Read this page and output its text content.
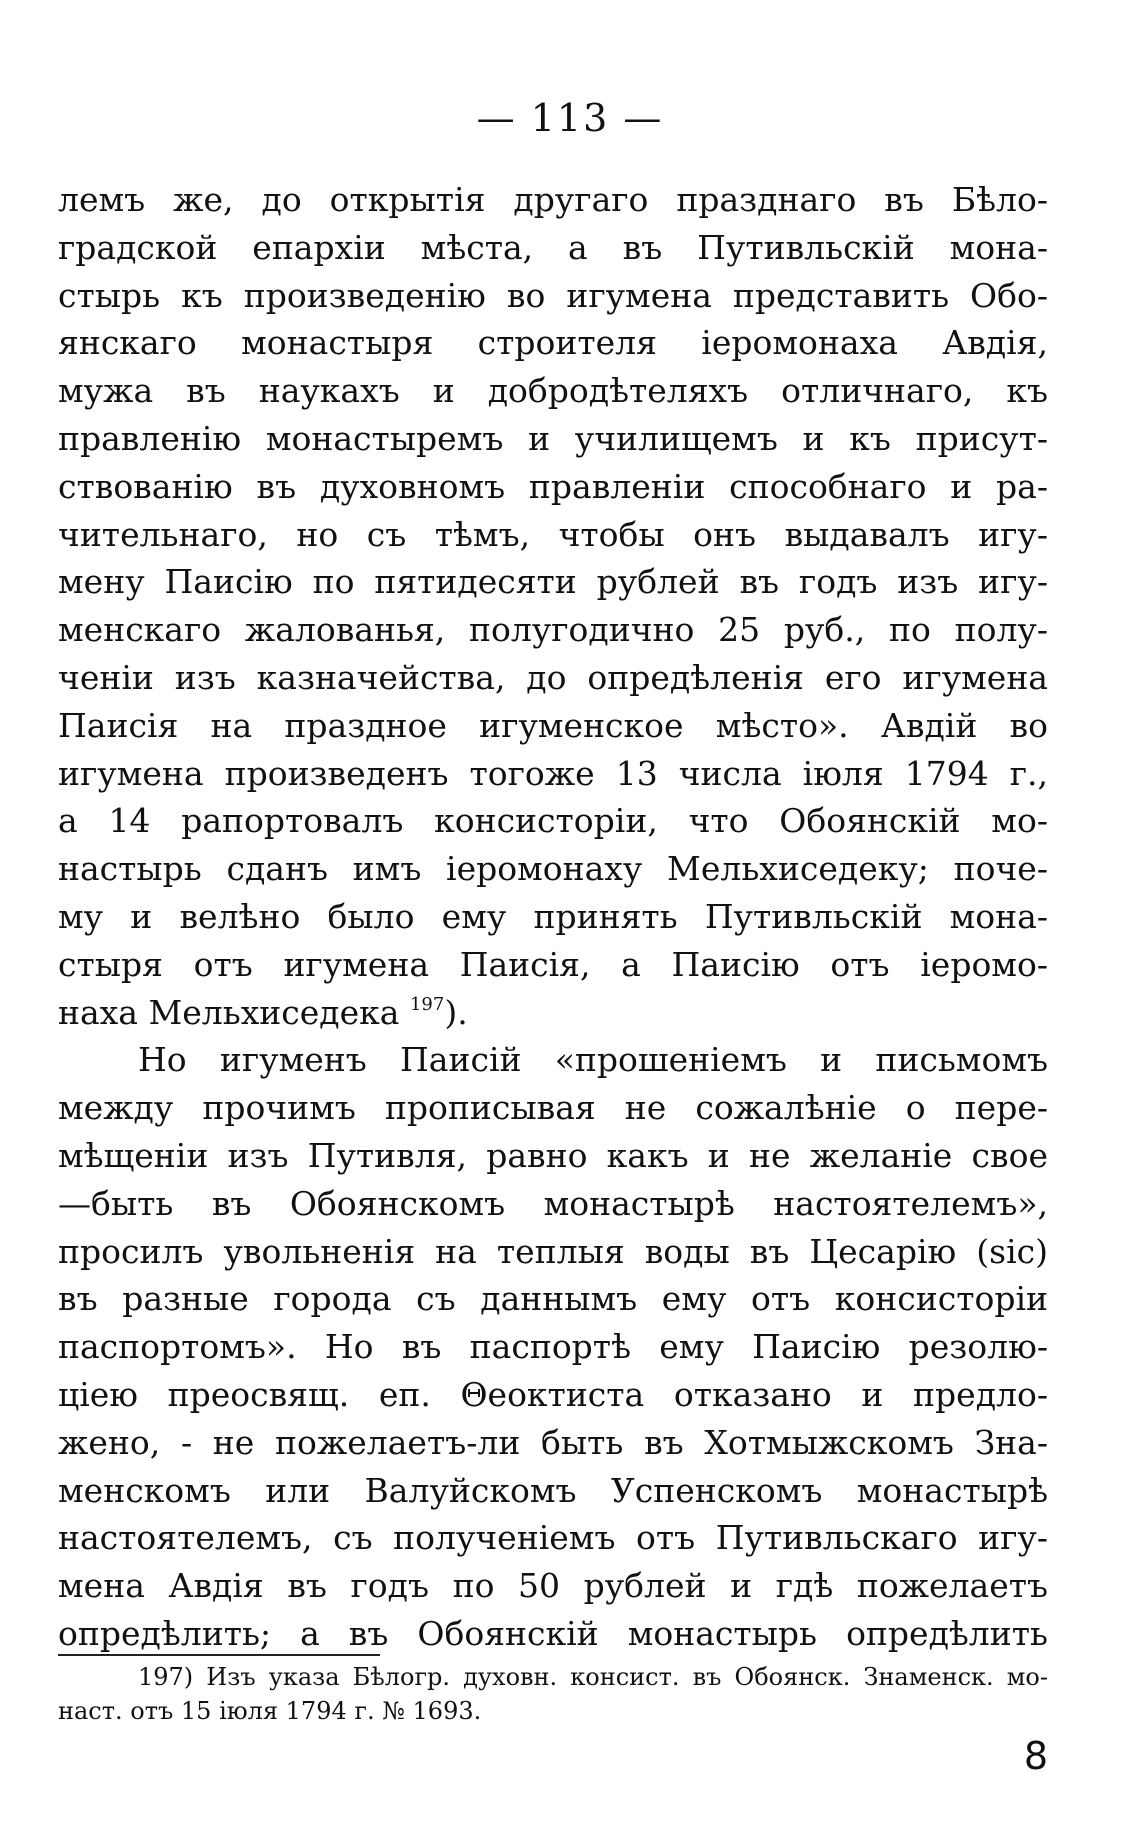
— 113 —
лемъ же, до открытія другаго празднаго въ Бѣло-
градской епархіи мѣста, а въ Путивльскій мона-
стырь къ произведенію во игумена представить Обо-
янскаго монастыря строителя іеромонаха Авдія,
мужа въ наукахъ и добродѣтеляхъ отличнаго, къ
правленію монастыремъ и училищемъ и къ присут-
ствованію въ духовномъ правленіи способнаго и ра-
чительнаго, но съ тѣмъ, чтобы онъ выдавалъ игу-
мену Паисію по пятидесяти рублей въ годъ изъ игу-
менскаго жалованья, полугодично 25 руб., по полу-
ченіи изъ казначейства, до опредѣленія его игумена
Паисія на праздное игуменское мѣсто». Авдій во
игумена произведенъ тогоже 13 числа іюля 1794 г.,
а 14 рапортовалъ консисторіи, что Обоянскій мо-
настырь сданъ имъ іеромонаху Мельхиседеку; поче-
му и велѣно было ему принять Путивльскій мона-
стыря отъ игумена Паисія, а Паисію отъ іеромо-
наха Мельхиседека $^{197}$).
Но игуменъ Паисій «прошеніемъ и письмомъ
между прочимъ прописывая не сожалѣніе о пере-
мѣщеніи изъ Путивля, равно какъ и не желаніе свое
—быть въ Обоянскомъ монастырѣ настоятелемъ»,
просилъ увольненія на теплыя воды въ Цесарію (sic)
въ разные города съ даннымъ ему отъ консисторіи
паспортомъ». Но въ паспортѣ ему Паисію резолю-
ціею преосвящ. еп. Θеоктиста отказано и предло-
жено, - не пожелаетъ-ли быть въ Хотмыжскомъ Зна-
менскомъ или Валуйскомъ Успенскомъ монастырѣ
настоятелемъ, съ полученіемъ отъ Путивльскаго игу-
мена Авдія въ годъ по 50 рублей и гдѣ пожелаетъ
опредѣлить; а въ Обоянскій монастырь опредѣлить
197) Изъ указа Бѣлогр. духовн. консист. въ Обоянск. Знаменск. мо-
наст. отъ 15 іюля 1794 г. № 1693.
8
